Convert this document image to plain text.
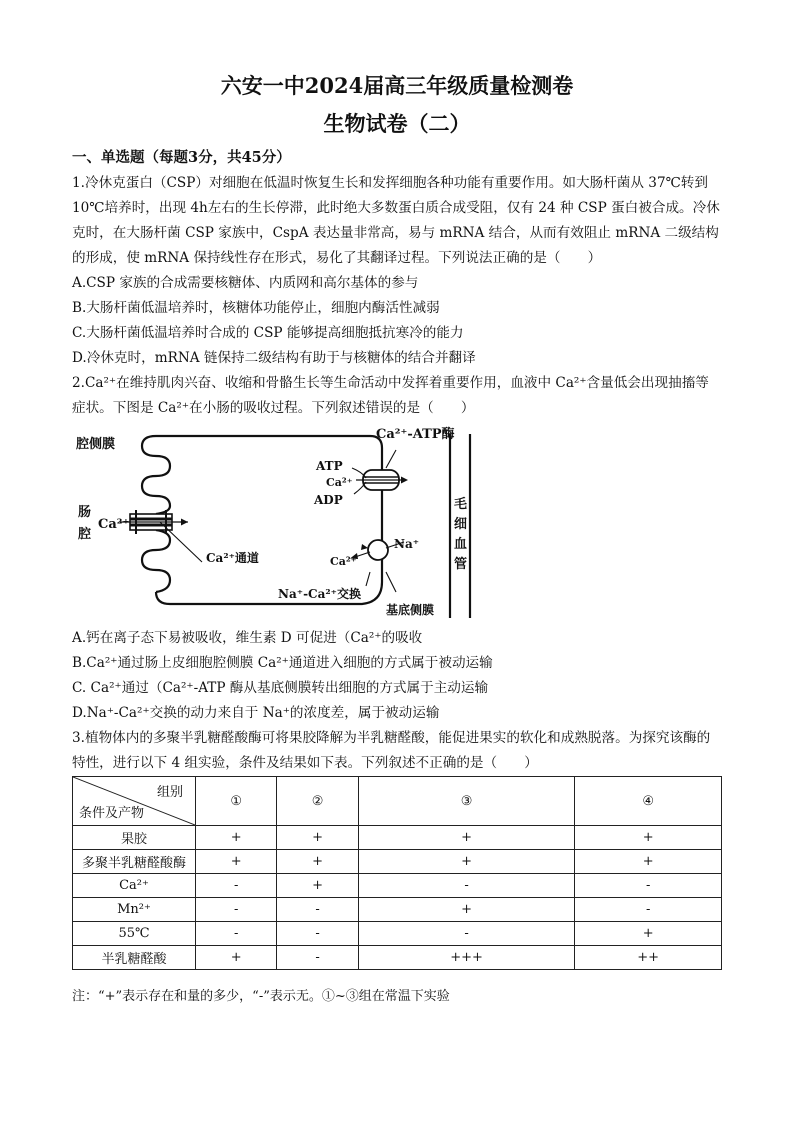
六安一中2024届高三年级质量检测卷
生物试卷（二）
一、单选题（每题3分，共45分）
1.冷休克蛋白（CSP）对细胞在低温时恢复生长和发挥细胞各种功能有重要作用。如大肠杆菌从 37℃转到
10℃培养时，出现 4h左右的生长停滞，此时绝大多数蛋白质合成受阻，仅有 24 种 CSP 蛋白被合成。冷休
克时，在大肠杆菌 CSP 家族中，CspA 表达量非常高，易与 mRNA 结合，从而有效阻止 mRNA 二级结构
的形成，使 mRNA 保持线性存在形式，易化了其翻译过程。下列说法正确的是（　　）
A.CSP 家族的合成需要核糖体、内质网和高尔基体的参与
B.大肠杆菌低温培养时，核糖体功能停止，细胞内酶活性减弱
C.大肠杆菌低温培养时合成的 CSP 能够提高细胞抵抗寒冷的能力
D.冷休克时，mRNA 链保持二级结构有助于与核糖体的结合并翻译
2.Ca²⁺在维持肌肉兴奋、收缩和骨骼生长等生命活动中发挥着重要作用，血液中 Ca²⁺含量低会出现抽搐等
症状。下图是 Ca²⁺在小肠的吸收过程。下列叙述错误的是（　　）
腔侧膜
肠
腔
Ca²⁺
Ca²⁺通道
Ca²⁺-ATP酶
ATP
Ca²⁺
ADP
Na⁺
Ca²⁺
Na⁺-Ca²⁺交换
基底侧膜
毛
细
血
管
A.钙在离子态下易被吸收，维生素 D 可促进（Ca²⁺的吸收
B.Ca²⁺通过肠上皮细胞腔侧膜 Ca²⁺通道进入细胞的方式属于被动运输
C. Ca²⁺通过（Ca²⁺-ATP 酶从基底侧膜转出细胞的方式属于主动运输
D.Na⁺-Ca²⁺交换的动力来自于 Na⁺的浓度差，属于被动运输
3.植物体内的多聚半乳糖醛酸酶可将果胶降解为半乳糖醛酸，能促进果实的软化和成熟脱落。为探究该酶的
特性，进行以下 4 组实验，条件及结果如下表。下列叙述不正确的是（　　）
组别
条件及产物	①	②	③	④
果胶	+	+	+	+
多聚半乳糖醛酸酶	+	+	+	+
Ca²⁺	-	+	-	-
Mn²⁺	-	-	+	-
55℃	-	-	-	+
半乳糖醛酸	+	-	+++	++
注：“+”表示存在和量的多少，“-”表示无。①~③组在常温下实验
